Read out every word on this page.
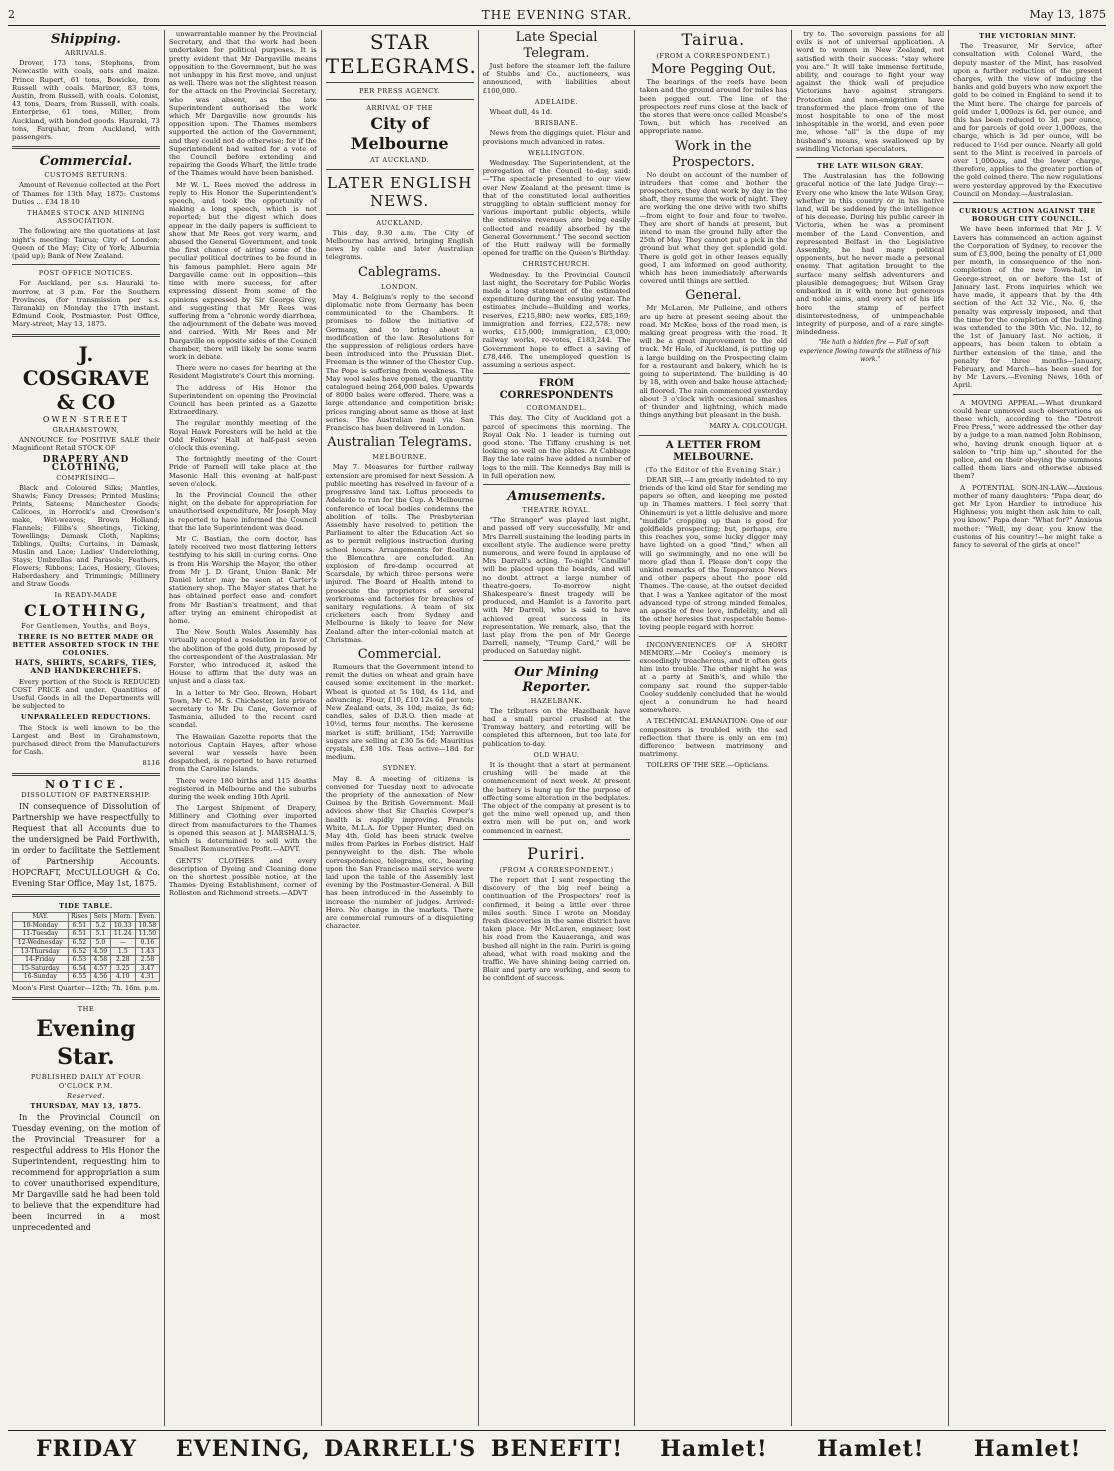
2	THE EVENING STAR.	May 13, 1875
Shipping.
ARRIVALS.
Drover, 173 tons, Stephens, from Newcastle with coals, oats and maize. Prince Rupert, 61 tons, Bowicke, from Russell with coals. Mariner, 83 tons, Austin, from Russell, with coals. Colonist, 43 tons, Dears, from Russell, with coals. Enterprise, 61 tons, Miller, from Auckland, with bonded goods. Hauraki, 73 tons, Farquhar, from Auckland, with passengers.
Commercial.
CUSTOMS RETURNS.
Amount of Revenue collected at the Port of Thames for 13th May, 1875: Customs Duties ... £34 18 10
THAMES STOCK AND MINING ASSOCIATION.
The following are the quotations at last night's meeting: Tairua; City of London; Queen of the May; City of York; Alburnia (paid up); Bank of New Zealand.
POST OFFICE NOTICES.
For Auckland, per s.s. Hauraki to-morrow, at 3 p.m. For the Southern Provinces, (for transmission per s.s. Taranaki) on Monday the 17th instant. Edmund Cook, Postmaster. Post Office, Mary-street, May 13, 1875.
J. COSGRAVE & CO
OWEN STREET
GRAHAMSTOWN,
ANNOUNCE for POSITIVE SALE their Magnificent Retail STOCK OF
DRAPERY AND CLOTHING,
COMPRISING—
Black and Coloured Silks; Mantles, Shawls; Fancy Dresses; Printed Muslins; Prints, Sateens; Manchester Goods; Calicoes, in Horrock's and Crewdson's make, Wet-weaves; Brown Holland; Flannels; Filibs's Sheetings, Ticking, Towellings; Damask Cloth, Napkins; Tablings, Quilts; Curtains, in Damask, Muslin and Lace; Ladies' Underclothing, Stays; Umbrellas and Parasols; Feathers, Flowers; Ribbons; Laces, Hosiery, Gloves; Haberdashery and Trimmings; Millinery and Straw Goods
In READY-MADE
CLOTHING,
For Gentlemen, Youths, and Boys,
THERE IS NO BETTER MADE OR BETTER ASSORTED STOCK IN THE COLONIES.
HATS, SHIRTS, SCARFS, TIES, AND HANDKERCHIEFS.
Every portion of the Stock is REDUCED COST PRICE and under. Quantities of Useful Goods in all the Departments will be subjected to
UNPARALLELED REDUCTIONS.
The Stock is well known to be the Largest and Best in Grahamstown, purchased direct from the Manufacturers for Cash.
8116
NOTICE.
DISSOLUTION OF PARTNERSHIP.
IN consequence of Dissolution of Partnership we have respectfully to Request that all Accounts due to the undersigned be Paid Forthwith, in order to facilitate the Settlement of Partnership Accounts. HOPCRAFT, McCULLOUGH & Co. Evening Star Office, May 1st, 1875.
TIDE TABLE.
MAY.	Rises	Sets	Morn.	Even.
10-Monday	6.51	5.2	10.33	10.58
11-Tuesday	6.51	5.1	11.24	11.50
12-Wednesday	6.52	5.0	—	0.16
13-Thursday	6.52	4.59	1.5	1.43
14-Friday	6.53	4.58	2.28	2.58
15-Saturday	6.54	4.57	3.25	3.47
16-Sunday	6.55	4.56	4.10	4.31
Moon's First Quarter—12th; 7h. 16m. p.m.
THE
Evening Star.
PUBLISHED DAILY AT FOUR O'CLOCK P.M.
Reserved.
THURSDAY, MAY 13, 1875.
In the Provincial Council on Tuesday evening, on the motion of the Provincial Treasurer for a respectful address to His Honor the Superintendent, requesting him to recommend for appropriation a sum to cover unauthorised expenditure, Mr Dargaville said he had been told to believe that the expenditure had been incurred in a most unprecedented and
unwarrantable manner by the Provincial Secretary, and that the work had been undertaken for political purposes. It is pretty evident that Mr Dargaville means opposition to the Government, but he was not unhappy in his first move, and unjust as well. There was not the slightest reason for the attack on the Provincial Secretary, who was absent, as the late Superintendent authorised the work which Mr Dargaville now grounds his opposition upon. The Thames members supported the action of the Government, and they could not do otherwise; for if the Superintendent had waited for a vote of the Council before extending and repairing the Goods Wharf, the little trade of the Thames would have been banished.
Mr W. L. Rees moved the address in reply to His Honor the Superintendent's speech, and took the opportunity of making a long speech, which is not reported; but the digest which does appear in the daily papers is sufficient to show that Mr Rees got very warm, and abused the General Government, and took the first chance of airing some of the peculiar political doctrines to be found in his famous pamphlet. Here again Mr Dargaville came out in opposition—this time with more success, for after expressing dissent from some of the opinions expressed by Sir George Grey, and suggesting that Mr Rees was suffering from a "chronic wordy diarrhœa, the adjournment of the debate was moved and carried. With Mr Rees and Mr Dargaville on opposite sides of the Council chamber, there will likely be some warm work in debate.
There were no cases for hearing at the Resident Magistrate's Court this morning.
The address of His Honor the Superintendent on opening the Provincial Council has been printed as a Gazette Extraordinary.
The regular monthly meeting of the Royal Hawk Foresters will be held at the Odd Fellows' Hall at half-past seven o'clock this evening.
The fortnightly meeting of the Court Pride of Parnell will take place at the Masonic Hall this evening at half-past seven o'clock.
In the Provincial Council the other night, on the debate for appropriation for unauthorised expenditure, Mr Joseph May is reported to have informed the Council that the late Superintendent was dead.
Mr C. Bastian, the corn doctor, has lately received two most flattering letters testifying to his skill in curing corns. One is from His Worship the Mayor, the other from Mr J. D. Grant, Union Bank. Mr Daniel letter may be seen at Carter's stationery shop. The Mayor states that he has obtained perfect ease and comfort from Mr Bastian's treatment, and that after trying an eminent chiropodist at home.
The New South Wales Assembly has virtually accepted a resolution in favor of the abolition of the gold duty, proposed by the correspondent of the Australasian. Mr Forster, who introduced it, asked the House to affirm that the duty was an unjust and a class tax.
In a letter to Mr Geo. Brown, Hobart Town, Mr C. M. S. Chichester, late private secretary to Mr Du Cane, Governor of Tasmania, alluded to the recent card scandal.
The Hawaiian Gazette reports that the notorious Captain Hayes, after whose several war vessels have been despatched, is reported to have returned from the Caroline Islands.
There were 180 births and 115 deaths registered in Melbourne and the suburbs during the week ending 10th April.
The Largest Shipment of Drapery, Millinery and Clothing ever imported direct from manufacturers to the Thames is opened this season at J. MARSHALL'S, which is determined to sell with the Smallest Remunerative Profit.—ADVT.
GENTS' CLOTHES and every description of Dyeing and Cleaning done on the shortest possible notice, at the Thames Dyeing Establishment, corner of Rolleston and Richmond streets.—ADVT
STAR TELEGRAMS.
PER PRESS AGENCY.
ARRIVAL OF THE
City of Melbourne
AT AUCKLAND.
LATER ENGLISH NEWS.
AUCKLAND.
This day, 9.30 a.m. The City of Melbourne has arrived, bringing English news by cable and later Australian telegrams.
Cablegrams.
LONDON.
May 4. Belgium's reply to the second diplomatic note from Germany has been communicated to the Chambers. It promises to follow the initiative of Germany, and to bring about a modification of the law. Resolutions for the suppression of religious orders have been introduced into the Prussian Diet. Freeman is the winner of the Chester Cup. The Pope is suffering from weakness. The May wool sales have opened, the quantity catalogued being 264,000 bales. Upwards of 8000 bales were offered. There was a large attendance and competition brisk; prices ranging about same as those at last series. The Australian mail via San Francisco has been delivered in London.
Australian Telegrams.
MELBOURNE.
May 7. Measures for further railway extension are promised for next Session. A public meeting has resolved in favour of a progressive land tax. Loftus proceeds to Adelaide to run for the Cup. A Melbourne conference of local bodies condemns the abolition of tolls. The Presbyterian Assembly have resolved to petition the Parliament to alter the Education Act so as to permit religious instruction during school hours. Arrangements for floating the Blencathra are concluded. An explosion of fire-damp occurred at Scarsdale, by which three persons were injured. The Board of Health intend to prosecute the proprietors of several workrooms and factories for breaches of sanitary regulations. A team of six cricketers each from Sydney and Melbourne is likely to leave for New Zealand after the inter-colonial match at Christmas.
Commercial.
Rumours that the Government intend to remit the duties on wheat and grain have caused some excitement in the market. Wheat is quoted at 5s 10d, 4s 11d, and advancing. Flour, £10, £10 12s 6d per ton; New Zealand oats, 3s 10d; maize, 3s 6d; candles, sales of D.R.O. then made at 10½d, terms four months. The kerosene market is stiff; brilliant, 15d; Yarraville sugars are selling at £30 5s 6d; Mauritius crystals, £38 10s. Teas active—18d for medium.
SYDNEY.
May 8. A meeting of citizens is convened for Tuesday next to advocate the propriety of the annexation of New Guinea by the British Government. Mail advices show that Sir Charles Cowper's health is rapidly improving. Francis White, M.L.A. for Upper Hunter, died on May 4th. Gold has been struck twelve miles from Parkes in Forbes district. Half pennyweight to the dish. The whole correspondence, telegrams, etc., bearing upon the San Francisco mail service were laid upon the table of the Assembly last evening by the Postmaster-General. A Bill has been introduced in the Assembly to increase the number of judges. Arrived: Hero. No change in the markets. There are commercial rumours of a disquieting character.
Late Special Telegram.
Just before the steamer left the failure of Stubbs and Co., auctioneers, was announced, with liabilities about £100,000.
ADELAIDE.
Wheat dull, 4s 1d.
BRISBANE.
News from the diggings quiet. Flour and provisions much advanced in rates.
WELLINGTON.
Wednesday. The Superintendent, at the prorogation of the Council to-day, said:—"The spectacle presented to our view over New Zealand at the present time is that of the constituted local authorities struggling to obtain sufficient money for various important public objects, while the extensive revenues are being easily collected and readily absorbed by the General Government." The second section of the Hutt railway will be formally opened for traffic on the Queen's Birthday.
CHRISTCHURCH.
Wednesday. In the Provincial Council last night, the Secretary for Public Works made a long statement of the estimated expenditure during the ensuing year. The estimates include—Building and works, reserves, £215,880; new works, £85,169; immigration and ferries, £22,578; new works, £15,000; immigration, £3,000; railway works, re-votes, £183,244. The Government hope to effect a saving of £78,446. The unemployed question is assuming a serious aspect.
FROM CORRESPONDENTS
COROMANDEL.
This day. The City of Auckland got a parcel of specimens this morning. The Royal Oak No. 1 leader is turning out good stone. The Tiffany crushing is not looking so well on the plates. At Cabbage Bay the late rains have added a number of logs to the mill. The Kennedys Bay mill is in full operation now.
Amusements.
THEATRE ROYAL.
"The Stranger" was played last night, and passed off very successfully, Mr and Mrs Darrell sustaining the leading parts in excellent style. The audience were pretty numerous, and were found in applause of Mrs Darrell's acting. To-night "Camille" will be placed upon the boards, and will no doubt attract a large number of theatre-goers. To-morrow night Shakespeare's finest tragedy will be produced, and Hamlet is a favorite part with Mr Darrell, who is said to have achieved great success in its representation. We remark, also, that the last play from the pen of Mr George Darrell, namely, "Trump Card," will be produced on Saturday night.
Our Mining Reporter.
HAZELBANK.
The tributers on the Hazelbank have had a small parcel crushed at the Tramway battery, and retorting will be completed this afternoon, but too late for publication to-day.
OLD WHAU.
It is thought that a start at permanent crushing will be made at the commencement of next week. At present the battery is hung up for the purpose of effecting some alteration in the bedplates. The object of the company at present is to get the mine well opened up, and then extra men will be put on, and work commenced in earnest.
Puriri.
(FROM A CORRESPONDENT.)
The report that I sent respecting the discovery of the big reef being a continuation of the Prospectors' reef is confirmed, it being a little over three miles south. Since I wrote on Monday fresh discoveries in the same district have taken place. Mr McLaren, engineer, lost his road from the Kauaeranga, and was bushed all night in the rain. Puriri is going ahead, what with road making and the traffic. We have shining being carried on. Blair and party are working, and seem to be confident of success.
Tairua.
(FROM A CORRESPONDENT.)
More Pegging Out.
The bearings of the reefs have been taken and the ground around for miles has been pegged out. The line of the prospectors reef runs close at the back of the stores that were once called Mcasbe's Town, but which has received an appropriate name.
Work in the Prospectors.
No doubt on account of the number of intruders that come and bother the prospectors, they dont work by day in the shaft, they resume the work of night. They are working the one drive with two shifts—from eight to four and four to twelve. They are short of hands at present, but intend to man the ground fully after the 25th of May. They cannot put a pick in the ground but what they get splendid gold. There is gold got in other leases equally good, I am informed on good authority, which has been immediately afterwards covered until things are settled.
General.
Mr McLaren, Mr Pulleine, and others are up here at present seeing about the road. Mr McKee, boss of the road men, is making great progress with the road. It will be a great improvement to the old track. Mr Hale, of Auckland, is putting up a large building on the Prospecting claim for a restaurant and bakery, which he is going to superintend. The building is 40 by 18, with oven and bake house attached; all floored. The rain commenced yesterday about 3 o'clock with occasional smashes of thunder and lightning, which made things anything but pleasant in the bush.
MARY A. COLCOUGH.
A LETTER FROM MELBOURNE.
(To the Editor of the Evening Star.)
DEAR SIR,—I am greatly indebted to my friends of the kind old Star for sending me papers so often, and keeping me posted up in Thames matters. I feel sorry that Ohinemuri is yet a little delusive and more "muddle" cropping up than is good for goldfields prospecting; but, perhaps, ere this reaches you, some lucky digger may have lighted on a good "find," when all will go swimmingly, and no one will be more glad than I. Please don't copy the unkind remarks of the Temperance News and other papers about the poor old Thames. The cause, at the outset decided that I was a Yankee agitator of the most advanced type of strong minded females, an apostle of free love, infidelity, and all the other heresies that respectable home-loving people regard with horror.
INCONVENIENCES OF A SHORT MEMORY.—Mr Cooley's memory is exceedingly treacherous, and it often gets him into trouble. The other night he was at a party at Smith's, and while the company sat round the supper-table Cooley suddenly concluded that he would eject a conundrum he had heard somewhere.
A TECHNICAL EMANATION: One of our compositors is troubled with the sad reflection that there is only an em (m) difference between matrimony and matrimony.
TOILERS OF THE SEE.—Opticians.
try to. The sovereign passions for all evils is not of universal application. A word to women in New Zealand, not satisfied with their success: "stay where you are." It will take immense fortitude, ability, and courage to fight your way against the thick wall of prejudice Victorians have against strangers. Protection and non-emigration have transformed the place from one of the most hospitable to one of the most inhospitable in the world, and even poor me, whose "all" is the dupe of my husband's means, was swallowed up by swindling Victorian speculators.
THE LATE WILSON GRAY.
The Australasian has the following graceful notice of the late Judge Gray:—Every one who knew the late Wilson Gray, whether in this country or in his native land, will be saddened by the intelligence of his decease. During his public career in Victoria, when he was a prominent member of the Land Convention, and represented Belfast in the Legislative Assembly, he had many political opponents, but he never made a personal enemy. That agitation brought to the surface many selfish adventurers and plausible demagogues; but Wilson Gray embarked in it with none but generous and noble aims, and every act of his life bore the stamp of perfect disinterestedness, of unimpeachable integrity of purpose, and of a rare single-mindedness.
"He hath a hidden fire — Full of soft experience flowing towards the stillness of his work."
THE VICTORIAN MINT.
The Treasurer, Mr Service, after consultation with Colonel Ward, the deputy master of the Mint, has resolved upon a further reduction of the present charges, with the view of inducing the banks and gold buyers who now export the gold to be coined in England to send it to the Mint here. The charge for parcels of gold under 1,000ozs is 6d. per ounce, and this has been reduced to 3d. per ounce, and for parcels of gold over 1,000ozs, the charge, which is 3d per ounce, will be reduced to 1½d per ounce. Nearly all gold sent to the Mint is received in parcels of over 1,000ozs, and the lower charge, therefore, applies to the greater portion of the gold coined there. The new regulations were yesterday approved by the Executive Council on Monday.—Australasian.
CURIOUS ACTION AGAINST THE BOROUGH CITY COUNCIL.
We have been informed that Mr J. V. Lavers has commenced an action against the Corporation of Sydney, to recover the sum of £3,000, being the penalty of £1,000 per month, in consequence of the non-completion of the new Town-hall, in George-street, on or before the 1st of January last. From inquiries which we have made, it appears that by the 4th section of the Act 32 Vic., No. 6, the penalty was expressly imposed, and that the time for the completion of the building was extended to the 30th Vic. No. 12, to the 1st of January last. No action, it appears, has been taken to obtain a further extension of the time, and the penalty for three months—January, February, and March—has been sued for by Mr Lavers.—Evening News, 16th of April.
A MOVING APPEAL.—What drunkard could hear unmoved such observations as those which, according to the "Detroit Free Press," were addressed the other day by a judge to a man named John Robinson, who, having drunk enough liquor at a saloon to "trip him up," shouted for the police, and on their obeying the summons called them liars and otherwise abused them?
A POTENTIAL SON-IN-LAW.—Anxious mother of many daughters: "Papa dear, do get Mr Lyon Hardier to introduce his Highness; you might then ask him to call, you know." Papa dear: "What for?" Anxious mother: "Well, my dear, you know the customs of his country!—he might take a fancy to several of the girls at once!"
FRIDAY	EVENING, DARRELL'S BENEFIT!	Hamlet!	Hamlet!	Hamlet!
